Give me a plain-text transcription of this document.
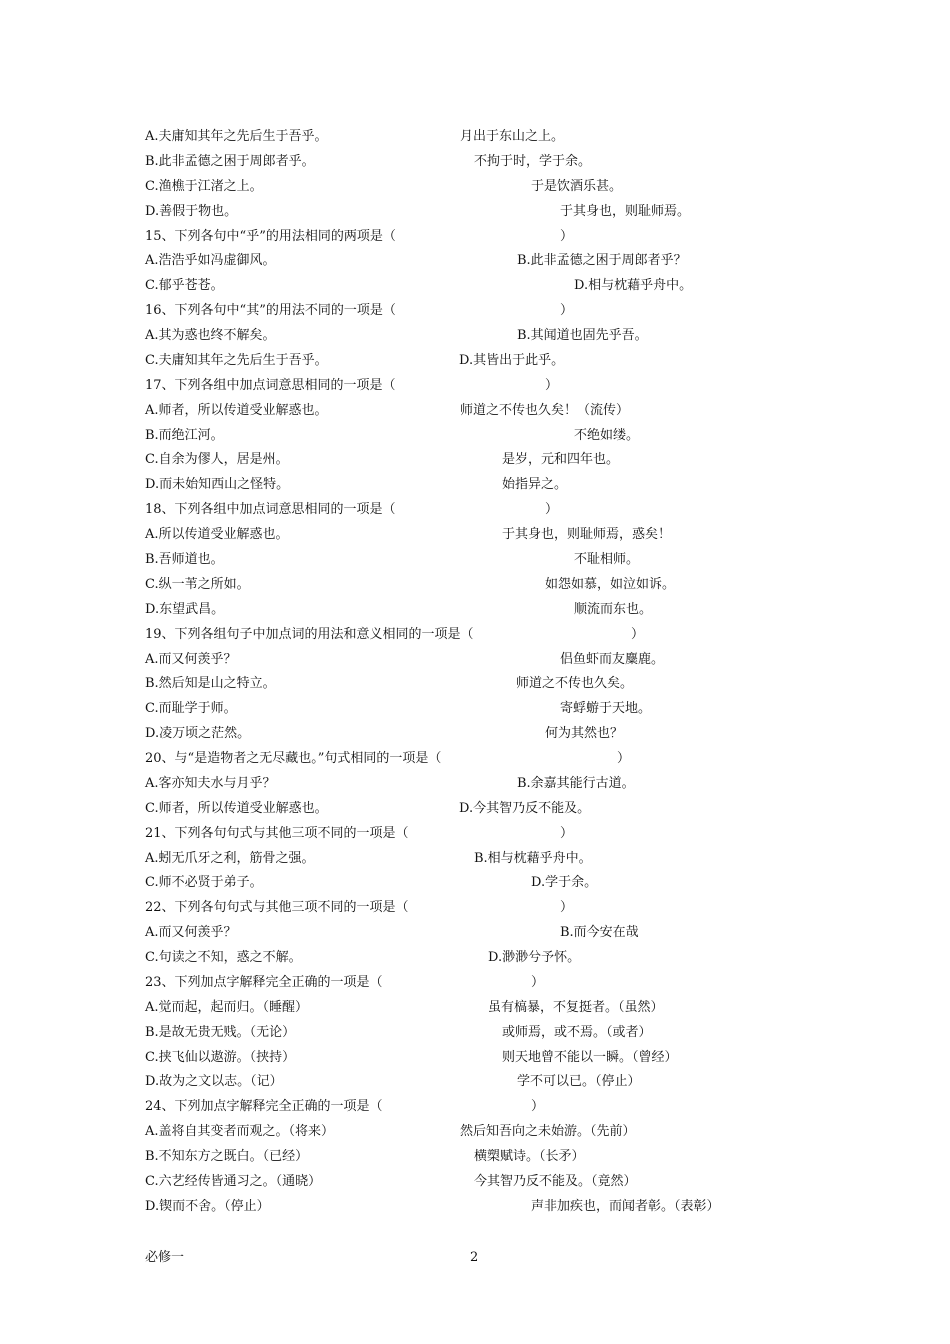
A.夫庸知其年之先后生于吾乎。	月出于东山之上。
B.此非孟德之困于周郎者乎。	不拘于时，学于余。
C.渔樵于江渚之上。	于是饮酒乐甚。
D.善假于物也。	于其身也，则耻师焉。
15、下列各句中“乎”的用法相同的两项是（	）
A.浩浩乎如冯虚御风。	B.此非孟德之困于周郎者乎？
C.郁乎苍苍。	D.相与枕藉乎舟中。
16、下列各句中“其”的用法不同的一项是（	）
A.其为惑也终不解矣。	B.其闻道也固先乎吾。
C.夫庸知其年之先后生于吾乎。	D.其皆出于此乎。
17、下列各组中加点词意思相同的一项是（	）
A.师者，所以传道受业解惑也。	师道之不传也久矣！（流传）
B.而绝江河。	不绝如缕。
C.自余为僇人，居是州。	是岁，元和四年也。
D.而未始知西山之怪特。	始指异之。
18、下列各组中加点词意思相同的一项是（	）
A.所以传道受业解惑也。	于其身也，则耻师焉，惑矣！
B.吾师道也。	不耻相师。
C.纵一苇之所如。	如怨如慕，如泣如诉。
D.东望武昌。	顺流而东也。
19、下列各组句子中加点词的用法和意义相同的一项是（	）
A.而又何羡乎？	侣鱼虾而友麋鹿。
B.然后知是山之特立。	师道之不传也久矣。
C.而耻学于师。	寄蜉蝣于天地。
D.凌万顷之茫然。	何为其然也？
20、与“是造物者之无尽藏也。”句式相同的一项是（	）
A.客亦知夫水与月乎？	B.余嘉其能行古道。
C.师者，所以传道受业解惑也。	D.今其智乃反不能及。
21、下列各句句式与其他三项不同的一项是（	）
A.蚓无爪牙之利，筋骨之强。	B.相与枕藉乎舟中。
C.师不必贤于弟子。	D.学于余。
22、下列各句句式与其他三项不同的一项是（	）
A.而又何羡乎？	B.而今安在哉
C.句读之不知，惑之不解。	D.渺渺兮予怀。
23、下列加点字解释完全正确的一项是（	）
A.觉而起，起而归。（睡醒）	虽有槁暴，不复挺者。（虽然）
B.是故无贵无贱。（无论）	或师焉，或不焉。（或者）
C.挟飞仙以遨游。（挟持）	则天地曾不能以一瞬。（曾经）
D.故为之文以志。（记）	学不可以已。（停止）
24、下列加点字解释完全正确的一项是（	）
A.盖将自其变者而观之。（将来）	然后知吾向之未始游。（先前）
B.不知东方之既白。（已经）	横槊赋诗。（长矛）
C.六艺经传皆通习之。（通晓）	今其智乃反不能及。（竟然）
D.锲而不舍。（停止）	声非加疾也，而闻者彰。（表彰）
必修一	2
